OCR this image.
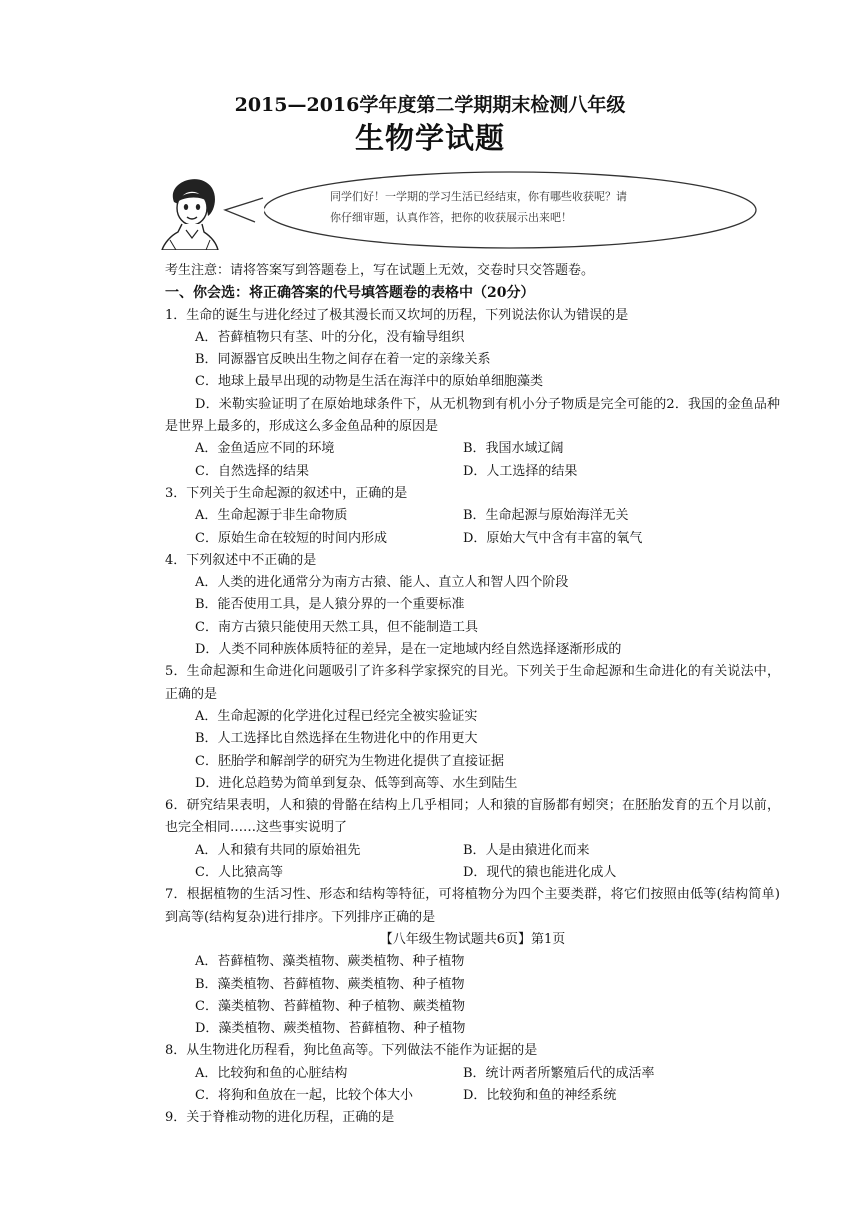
2015—2016学年度第二学期期末检测八年级
生物学试题
同学们好！一学期的学习生活已经结束，你有哪些收获呢？请
你仔细审题，认真作答，把你的收获展示出来吧！
考生注意：请将答案写到答题卷上，写在试题上无效，交卷时只交答题卷。
一、你会选：将正确答案的代号填答题卷的表格中（20分）
1．生命的诞生与进化经过了极其漫长而又坎坷的历程，下列说法你认为错误的是
A．苔藓植物只有茎、叶的分化，没有输导组织
B．同源器官反映出生物之间存在着一定的亲缘关系
C．地球上最早出现的动物是生活在海洋中的原始单细胞藻类
D．米勒实验证明了在原始地球条件下，从无机物到有机小分子物质是完全可能的2．我国的金鱼品种是世界上最多的，形成这么多金鱼品种的原因是
A．金鱼适应不同的环境	B．我国水域辽阔
C．自然选择的结果	D．人工选择的结果
3．下列关于生命起源的叙述中，正确的是
A．生命起源于非生命物质	B．生命起源与原始海洋无关
C．原始生命在较短的时间内形成	D．原始大气中含有丰富的氧气
4．下列叙述中不正确的是
A．人类的进化通常分为南方古猿、能人、直立人和智人四个阶段
B．能否使用工具，是人猿分界的一个重要标准
C．南方古猿只能使用天然工具，但不能制造工具
D．人类不同种族体质特征的差异，是在一定地域内经自然选择逐渐形成的
5．生命起源和生命进化问题吸引了许多科学家探究的目光。下列关于生命起源和生命进化的有关说法中，正确的是
A．生命起源的化学进化过程已经完全被实验证实
B．人工选择比自然选择在生物进化中的作用更大
C．胚胎学和解剖学的研究为生物进化提供了直接证据
D．进化总趋势为简单到复杂、低等到高等、水生到陆生
6．研究结果表明，人和猿的骨骼在结构上几乎相同；人和猿的盲肠都有蚓突；在胚胎发育的五个月以前，也完全相同……这些事实说明了
A．人和猿有共同的原始祖先	B．人是由猿进化而来
C．人比猿高等	D．现代的猿也能进化成人
7．根据植物的生活习性、形态和结构等特征，可将植物分为四个主要类群，将它们按照由低等(结构简单)到高等(结构复杂)进行排序。下列排序正确的是
【八年级生物试题共6页】第1页
A．苔藓植物、藻类植物、蕨类植物、种子植物
B．藻类植物、苔藓植物、蕨类植物、种子植物
C．藻类植物、苔藓植物、种子植物、蕨类植物
D．藻类植物、蕨类植物、苔藓植物、种子植物
8．从生物进化历程看，狗比鱼高等。下列做法不能作为证据的是
A．比较狗和鱼的心脏结构	B．统计两者所繁殖后代的成活率
C．将狗和鱼放在一起，比较个体大小	D．比较狗和鱼的神经系统
9．关于脊椎动物的进化历程，正确的是
